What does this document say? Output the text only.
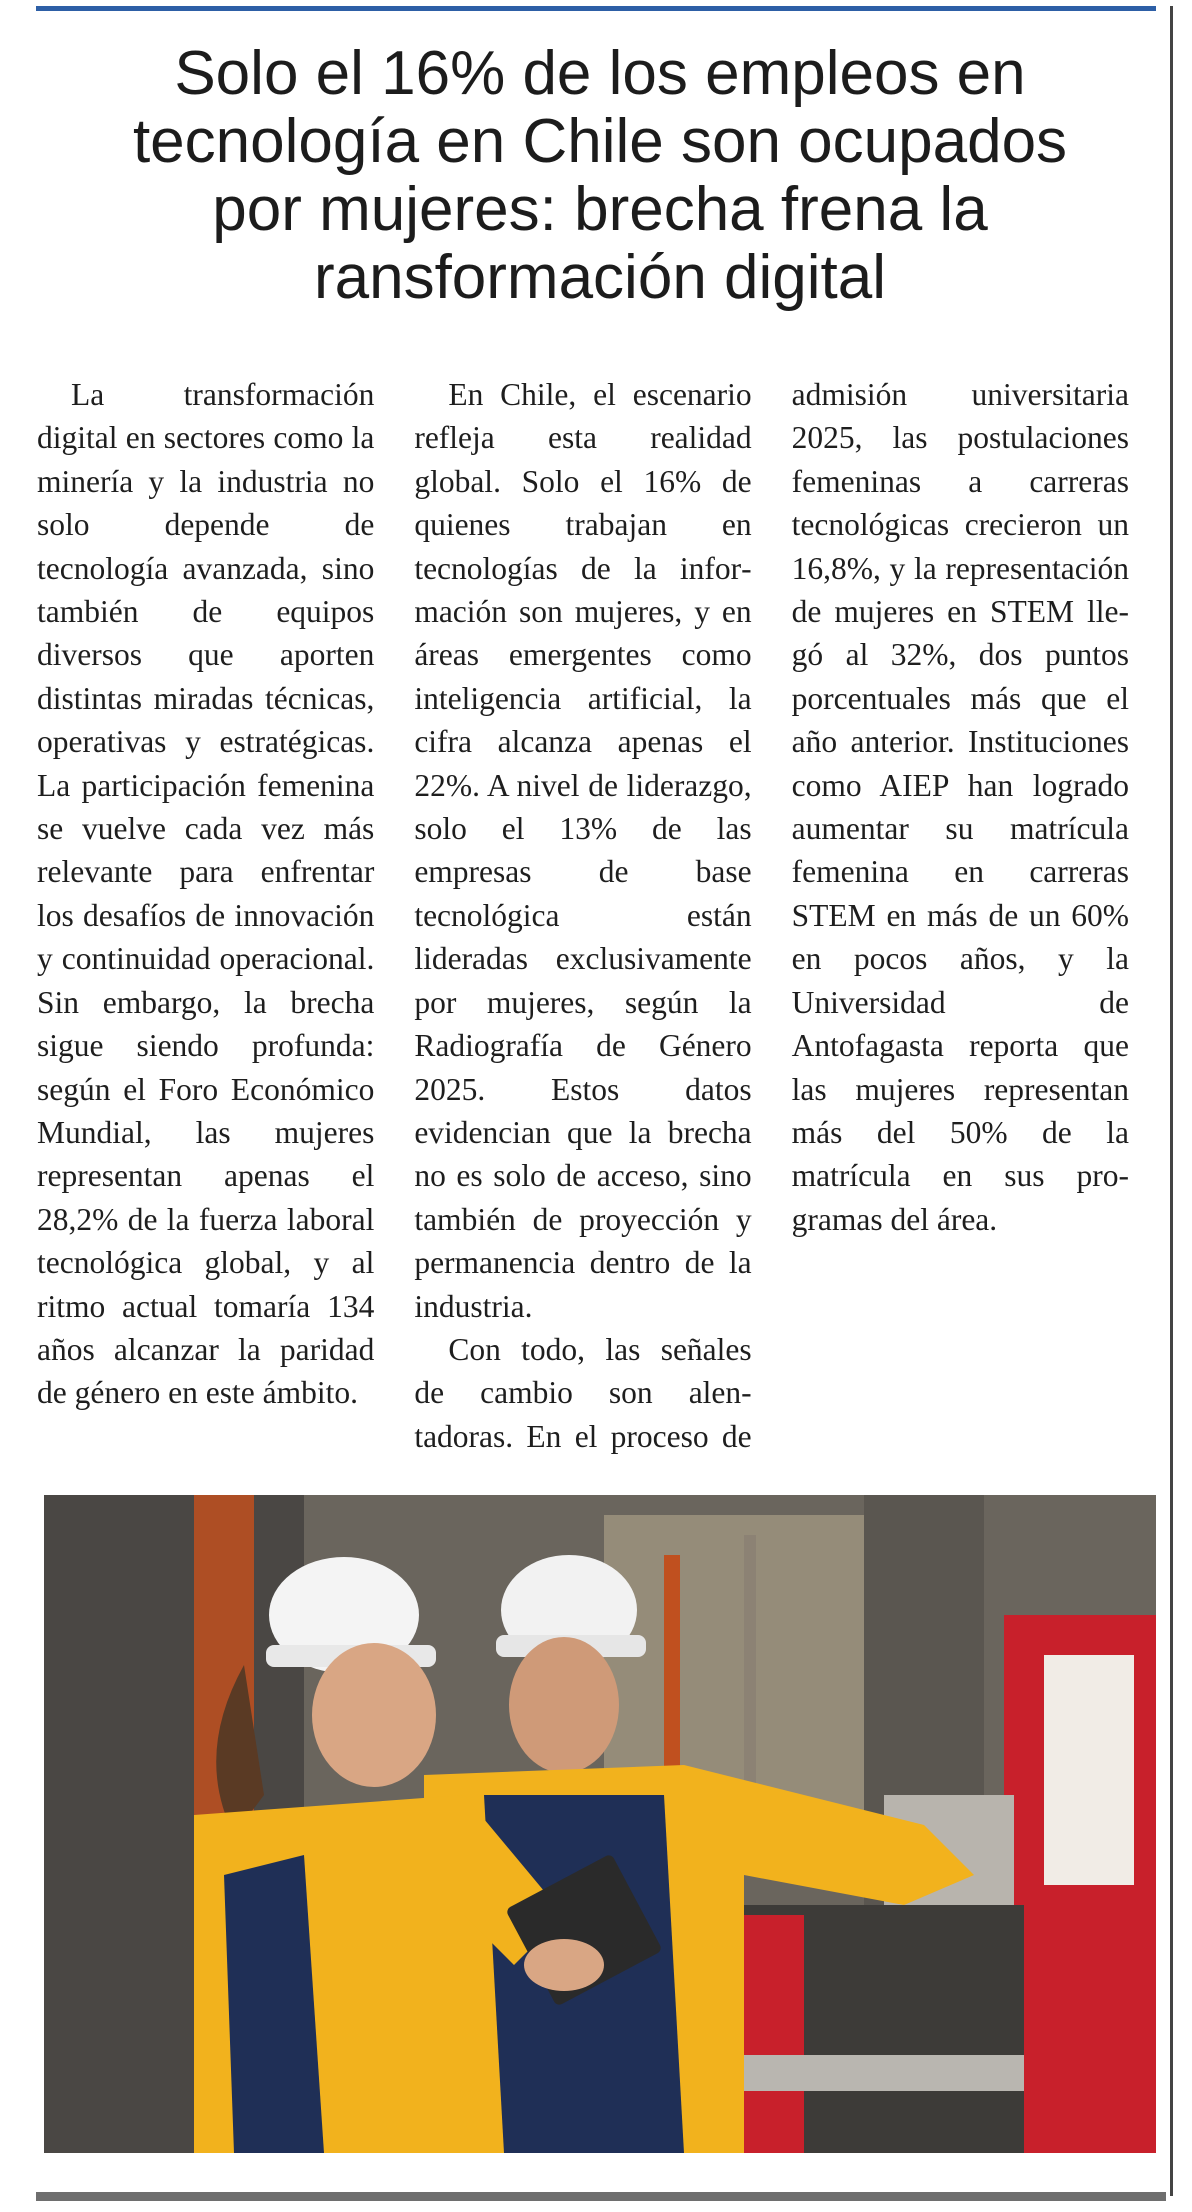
Solo el 16% de los empleos en
tecnología en Chile son ocupados
por mujeres: brecha frena la
ransformación digital

La transformación digital en sectores como la minería y la industria no solo depende de tecnología avanzada, sino también de equipos diversos que aporten distintas miradas técnicas, operativas y estratégicas. La participación femenina se vuelve cada vez más relevante para enfrentar los desafíos de innovación y continuidad operacional. Sin embargo, la brecha sigue siendo profunda: según el Foro Económico Mundial, las mujeres representan apenas el 28,2% de la fuerza laboral tecnológica global, y al ritmo actual tomaría 134 años alcanzar la paridad de género en este ámbito.

En Chile, el escenario refleja esta realidad global. Solo el 16% de quienes trabajan en tecnologías de la información son mujeres, y en áreas emergentes como inteligencia artificial, la cifra alcanza apenas el 22%. A nivel de liderazgo, solo el 13% de las empresas de base tecnológica están lideradas exclusivamente por mujeres, según la Radiografía de Género 2025. Estos datos evidencian que la brecha no es solo de acceso, sino también de proyección y permanencia dentro de la industria.

Con todo, las señales de cambio son alentadoras. En el proceso de admisión universitaria 2025, las postulaciones femeninas a carreras tecnológicas crecieron un 16,8%, y la representación de mujeres en STEM llegó al 32%, dos puntos porcentuales más que el año anterior. Instituciones como AIEP han logrado aumentar su matrícula femenina en carreras STEM en más de un 60% en pocos años, y la Universidad de Antofagasta reporta que las mujeres representan más del 50% de la matrícula en sus programas del área.
